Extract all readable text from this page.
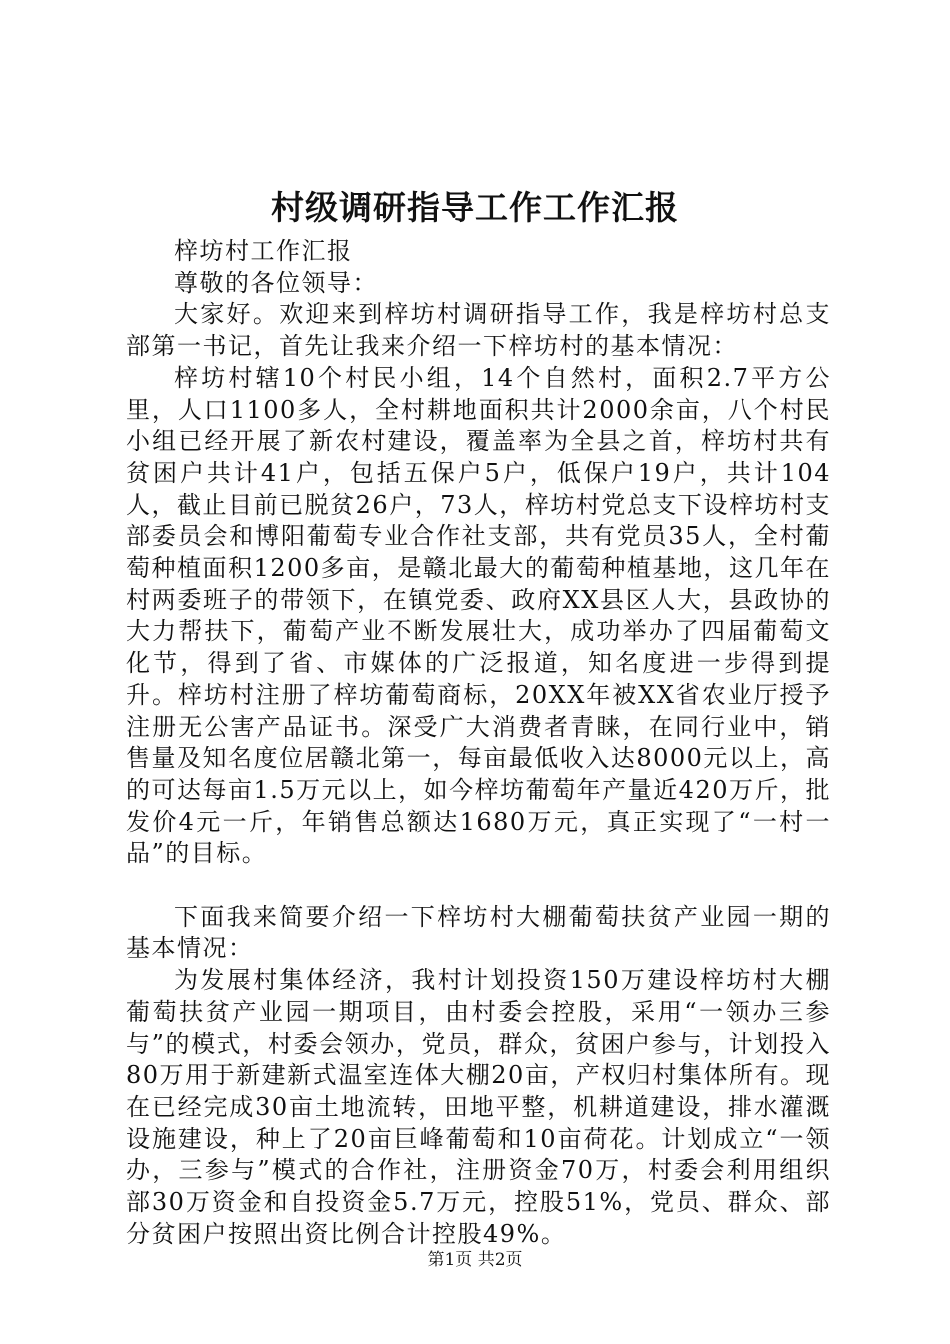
村级调研指导工作工作汇报

梓坊村工作汇报

尊敬的各位领导：

大家好。欢迎来到梓坊村调研指导工作，我是梓坊村总支部第一书记，首先让我来介绍一下梓坊村的基本情况：

梓坊村辖10个村民小组，14个自然村，面积2.7平方公里，人口1100多人，全村耕地面积共计2000余亩，八个村民小组已经开展了新农村建设，覆盖率为全县之首，梓坊村共有贫困户共计41户，包括五保户5户，低保户19户，共计104人，截止目前已脱贫26户，73人，梓坊村党总支下设梓坊村支部委员会和博阳葡萄专业合作社支部，共有党员35人，全村葡萄种植面积1200多亩，是赣北最大的葡萄种植基地，这几年在村两委班子的带领下，在镇党委、政府XX县区人大，县政协的大力帮扶下，葡萄产业不断发展壮大，成功举办了四届葡萄文化节，得到了省、市媒体的广泛报道，知名度进一步得到提升。梓坊村注册了梓坊葡萄商标，20XX年被XX省农业厅授予注册无公害产品证书。深受广大消费者青睐，在同行业中，销售量及知名度位居赣北第一，每亩最低收入达8000元以上，高的可达每亩1.5万元以上，如今梓坊葡萄年产量近420万斤，批发价4元一斤，年销售总额达1680万元，真正实现了“一村一品”的目标。

下面我来简要介绍一下梓坊村大棚葡萄扶贫产业园一期的基本情况：

为发展村集体经济，我村计划投资150万建设梓坊村大棚葡萄扶贫产业园一期项目，由村委会控股，采用“一领办三参与”的模式，村委会领办，党员，群众，贫困户参与，计划投入80万用于新建新式温室连体大棚20亩，产权归村集体所有。现在已经完成30亩土地流转，田地平整，机耕道建设，排水灌溉设施建设，种上了20亩巨峰葡萄和10亩荷花。计划成立“一领办，三参与”模式的合作社，注册资金70万，村委会利用组织部30万资金和自投资金5.7万元，控股51%，党员、群众、部分贫困户按照出资比例合计控股49%。

第1页 共2页
